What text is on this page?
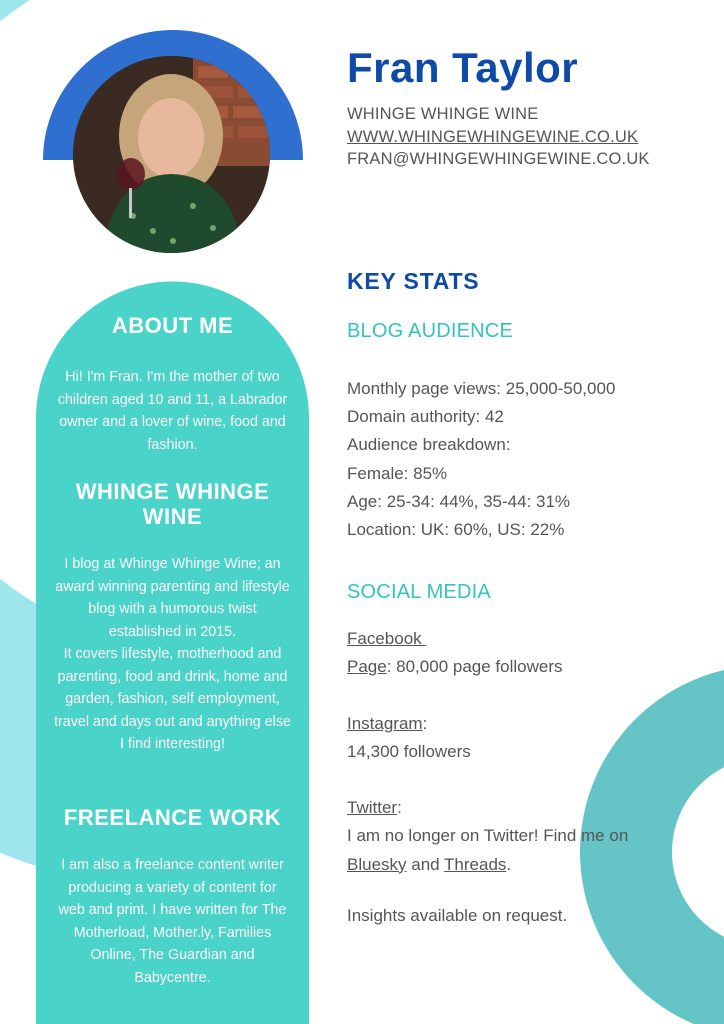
ABOUT ME
Hi! I'm Fran. I'm the mother of two children aged 10 and 11, a Labrador owner and a lover of wine, food and fashion.
WHINGE WHINGE WINE
I blog at Whinge Whinge Wine; an award winning parenting and lifestyle blog with a humorous twist established in 2015.
It covers lifestyle, motherhood and parenting, food and drink, home and garden, fashion, self employment, travel and days out and anything else I find interesting!
FREELANCE WORK
I am also a freelance content writer producing a variety of content for web and print. I have written for The Motherload, Mother.ly, Families Online, The Guardian and Babycentre.
Fran Taylor
WHINGE WHINGE WINE
WWW.WHINGEWHINGEWINE.CO.UK
FRAN@WHINGEWHINGEWINE.CO.UK
KEY STATS
BLOG AUDIENCE
Monthly page views: 25,000-50,000
Domain authority: 42
Audience breakdown:
Female: 85%
Age: 25-34: 44%, 35-44: 31%
Location: UK: 60%, US: 22%
SOCIAL MEDIA
Facebook
Page: 80,000 page followers
Instagram:
14,300 followers
Twitter:
I am no longer on Twitter! Find me on
Bluesky and Threads.
Insights available on request.
